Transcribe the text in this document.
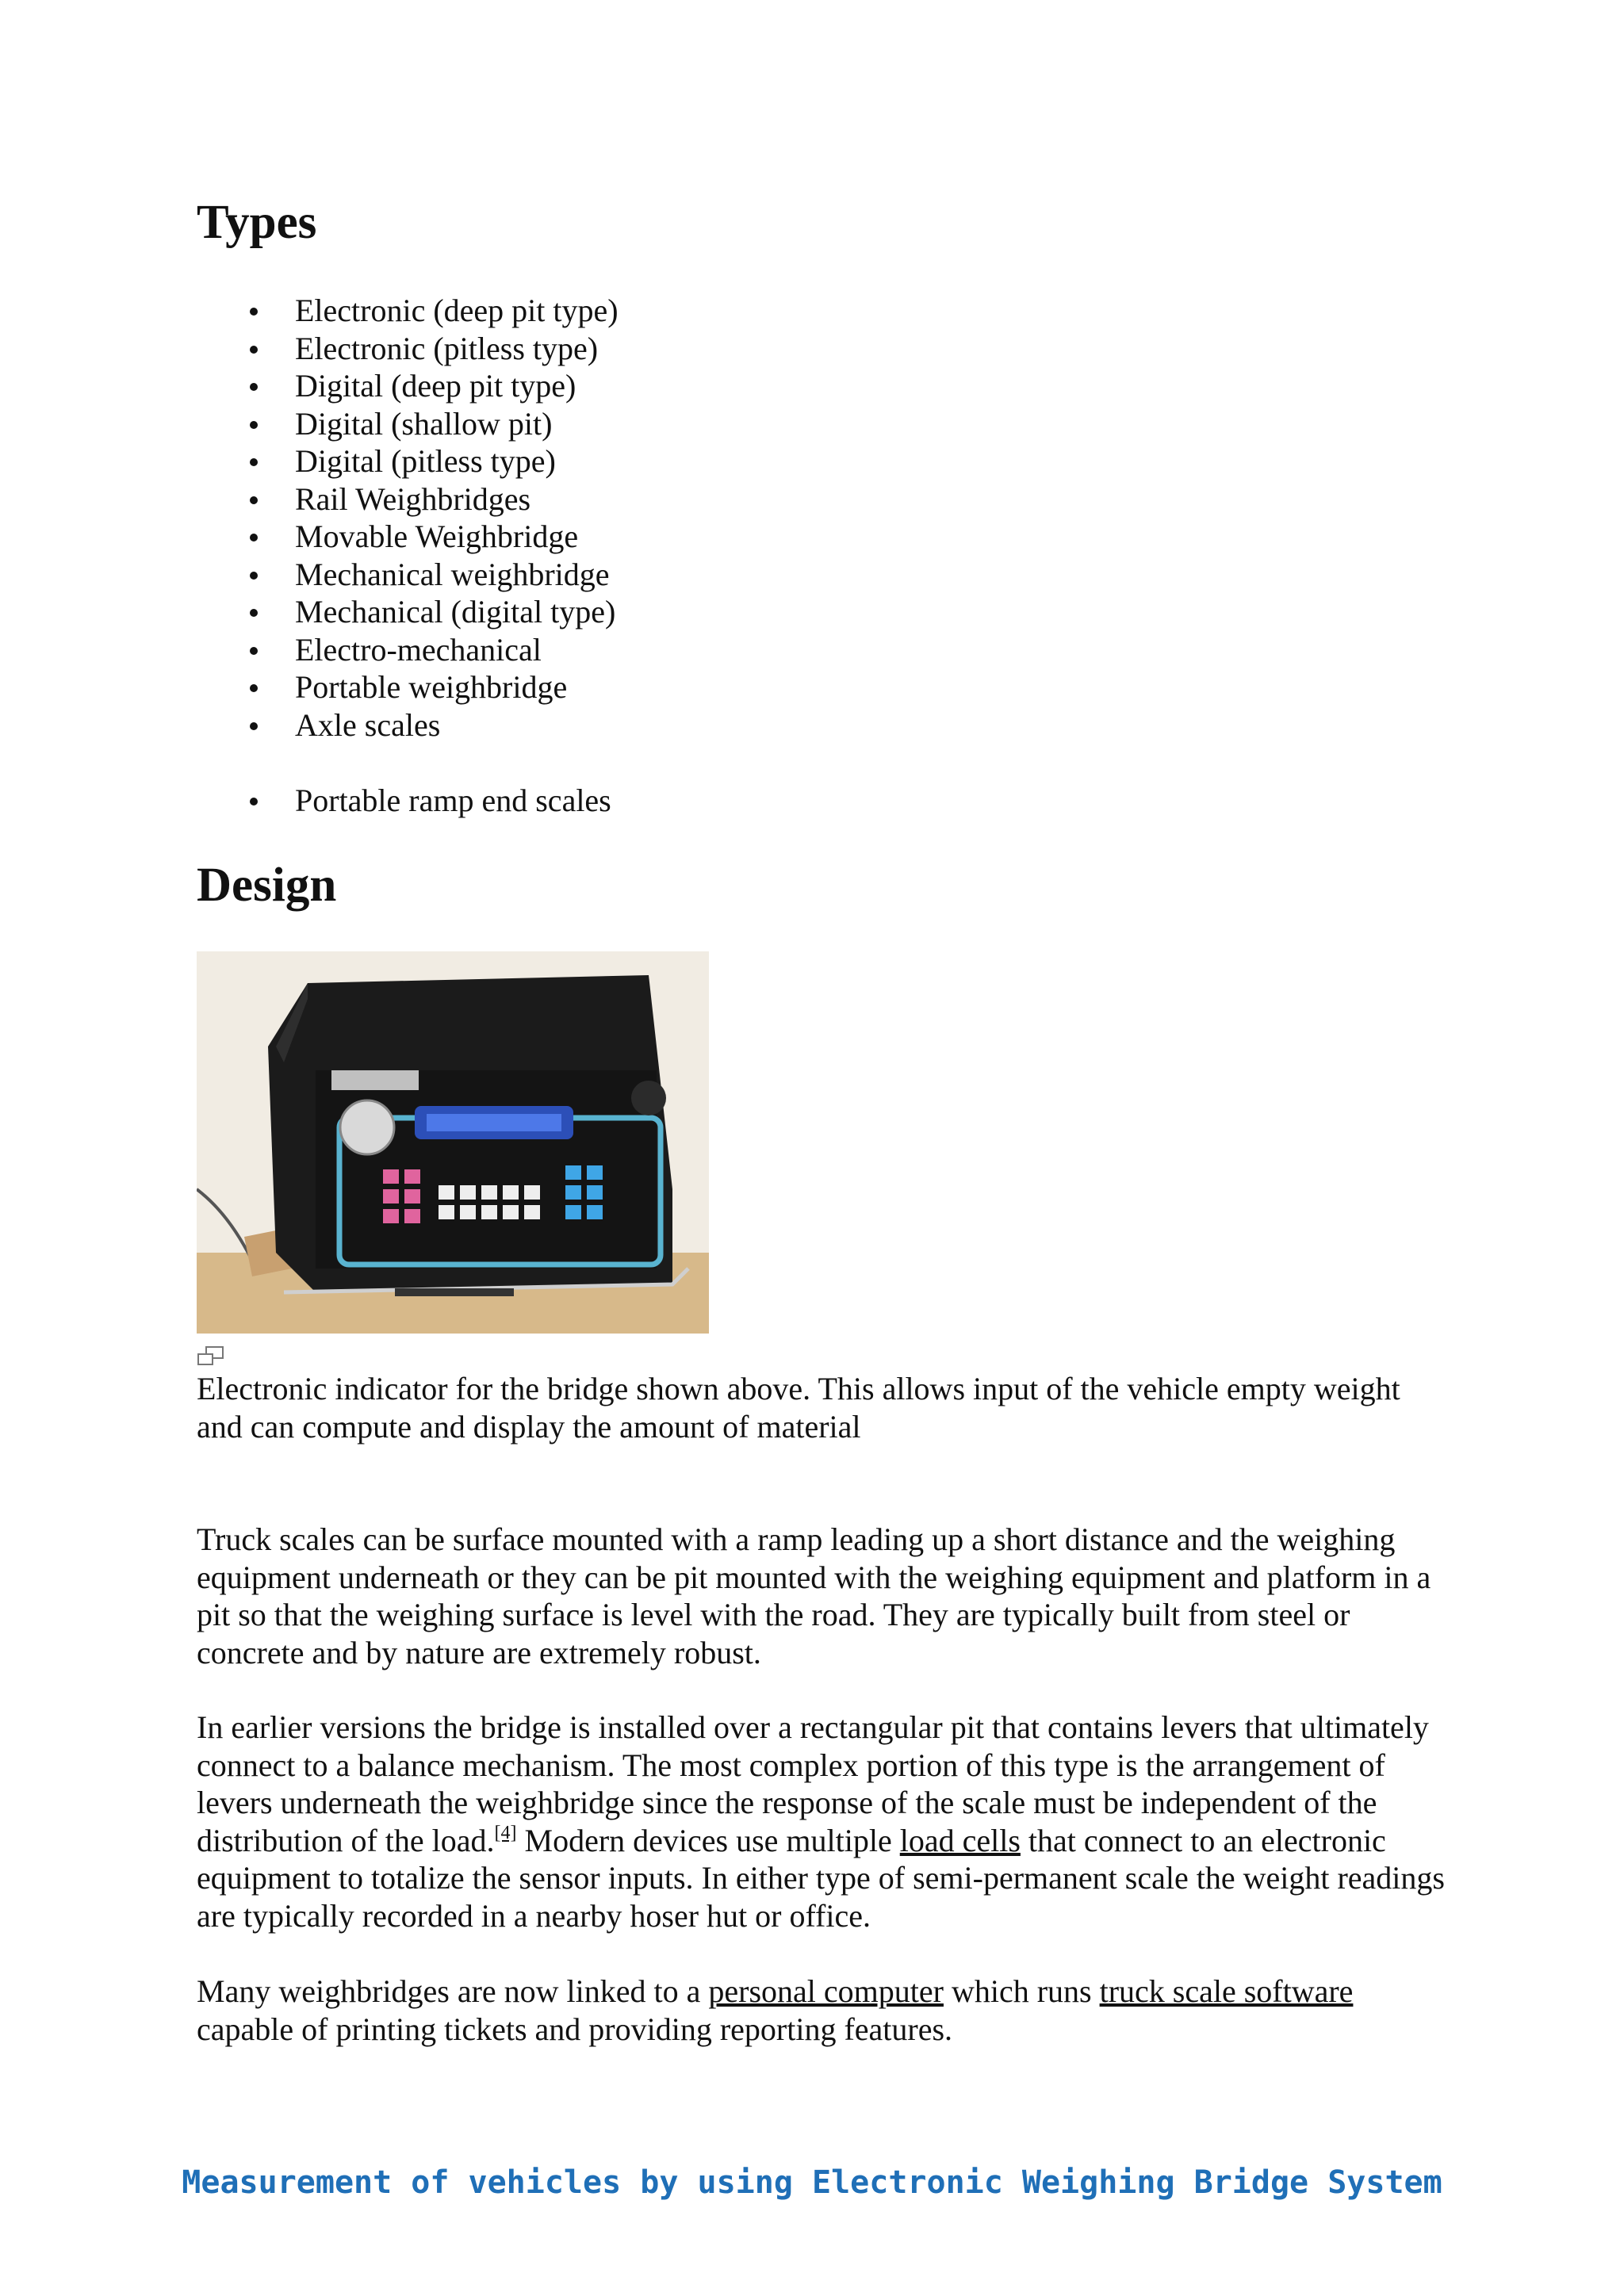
Types
Electronic (deep pit type)
Electronic (pitless type)
Digital (deep pit type)
Digital (shallow pit)
Digital (pitless type)
Rail Weighbridges
Movable Weighbridge
Mechanical weighbridge
Mechanical (digital type)
Electro-mechanical
Portable weighbridge
Axle scales
Portable ramp end scales
Design
Electronic indicator for the bridge shown above. This allows input of the vehicle empty weight and can compute and display the amount of material

Truck scales can be surface mounted with a ramp leading up a short distance and the weighing equipment underneath or they can be pit mounted with the weighing equipment and platform in a pit so that the weighing surface is level with the road. They are typically built from steel or concrete and by nature are extremely robust.

In earlier versions the bridge is installed over a rectangular pit that contains levers that ultimately connect to a balance mechanism. The most complex portion of this type is the arrangement of levers underneath the weighbridge since the response of the scale must be independent of the distribution of the load.[4] Modern devices use multiple load cells that connect to an electronic equipment to totalize the sensor inputs. In either type of semi-permanent scale the weight readings are typically recorded in a nearby hoser hut or office.

Many weighbridges are now linked to a personal computer which runs truck scale software capable of printing tickets and providing reporting features.

Measurement of vehicles by using Electronic Weighing Bridge System
